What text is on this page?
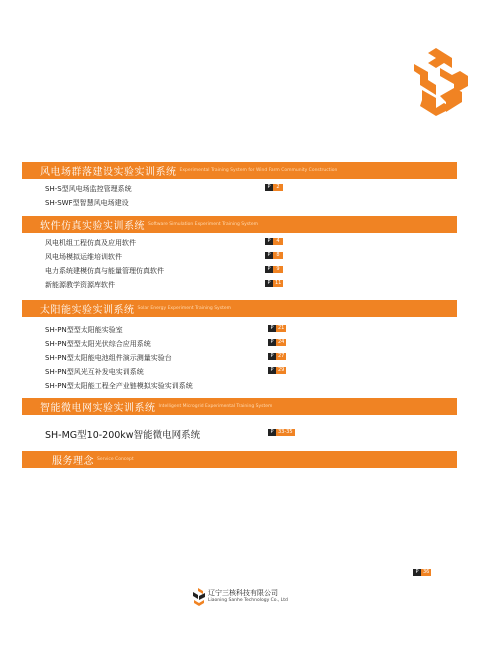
风电场群落建设实验实训系统 Experimental Training System for Wind Farm Community Construction
SH-S型风电场监控管理系统	P	2
SH-SWF型智慧风电场建设
软件仿真实验实训系统 Software Simulation Experiment Training System
风电机组工程仿真及应用软件	P	4
风电场模拟运维培训软件	P	8
电力系统建模仿真与能量管理仿真软件	P	9
新能源教学资源库软件	P 11
太阳能实验实训系统 Solar Energy Experiment Training System
SH-PN型型太阳能实验室	P 21
SH-PN型型太阳光伏综合应用系统	P 24
SH-PN型太阳能电池组件演示测量实验台	P 27
SH-PN型风光互补发电实训系统	P 29
SH-PN型太阳能工程全产业链模拟实验实训系统
智能微电网实验实训系统 Intelligent Microgrid Experimental Training System
SH-MG型10-200kw智能微电网系统	P 33-35
服务理念 Service Concept
P 36
辽宁三核科技有限公司
Liaoning Sanhe Technology Co., Ltd
